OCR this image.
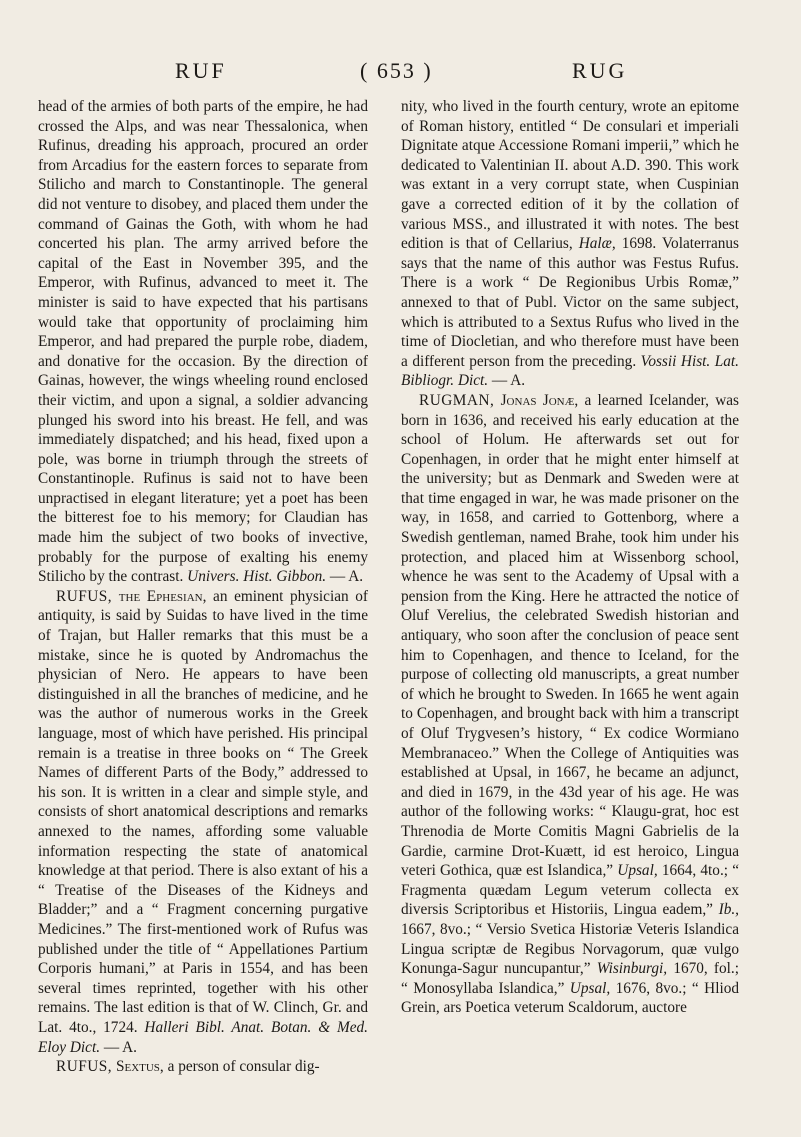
RUF	( 653 )	RUG

head of the armies of both parts of the empire, he had crossed the Alps, and was near Thessalonica, when Rufinus, dreading his approach, procured an order from Arcadius for the eastern forces to separate from Stilicho and march to Constantinople. The general did not venture to disobey, and placed them under the command of Gainas the Goth, with whom he had concerted his plan. The army arrived before the capital of the East in November 395, and the Emperor, with Rufinus, advanced to meet it. The minister is said to have expected that his partisans would take that opportunity of proclaiming him Emperor, and had prepared the purple robe, diadem, and donative for the occasion. By the direction of Gainas, however, the wings wheeling round enclosed their victim, and upon a signal, a soldier advancing plunged his sword into his breast. He fell, and was immediately dispatched; and his head, fixed upon a pole, was borne in triumph through the streets of Constantinople. Rufinus is said not to have been unpractised in elegant literature; yet a poet has been the bitterest foe to his memory; for Claudian has made him the subject of two books of invective, probably for the purpose of exalting his enemy Stilicho by the contrast. Univers. Hist. Gibbon. — A.

RUFUS, the Ephesian, an eminent physician of antiquity, is said by Suidas to have lived in the time of Trajan, but Haller remarks that this must be a mistake, since he is quoted by Andromachus the physician of Nero. He appears to have been distinguished in all the branches of medicine, and he was the author of numerous works in the Greek language, most of which have perished. His principal remain is a treatise in three books on “ The Greek Names of different Parts of the Body,” addressed to his son. It is written in a clear and simple style, and consists of short anatomical descriptions and remarks annexed to the names, affording some valuable information respecting the state of anatomical knowledge at that period. There is also extant of his a “ Treatise of the Diseases of the Kidneys and Bladder;” and a “ Fragment concerning purgative Medicines.” The first-mentioned work of Rufus was published under the title of “ Appellationes Partium Corporis humani,” at Paris in 1554, and has been several times reprinted, together with his other remains. The last edition is that of W. Clinch, Gr. and Lat. 4to., 1724. Halleri Bibl. Anat. Botan. & Med. Eloy Dict. — A.

RUFUS, Sextus, a person of consular dig-

nity, who lived in the fourth century, wrote an epitome of Roman history, entitled “ De consulari et imperiali Dignitate atque Accessione Romani imperii,” which he dedicated to Valentinian II. about A.D. 390. This work was extant in a very corrupt state, when Cuspinian gave a corrected edition of it by the collation of various MSS., and illustrated it with notes. The best edition is that of Cellarius, Halæ, 1698. Volaterranus says that the name of this author was Festus Rufus. There is a work “ De Regionibus Urbis Romæ,” annexed to that of Publ. Victor on the same subject, which is attributed to a Sextus Rufus who lived in the time of Diocletian, and who therefore must have been a different person from the preceding. Vossii Hist. Lat. Bibliogr. Dict. — A.

RUGMAN, Jonas Jonæ, a learned Icelander, was born in 1636, and received his early education at the school of Holum. He afterwards set out for Copenhagen, in order that he might enter himself at the university; but as Denmark and Sweden were at that time engaged in war, he was made prisoner on the way, in 1658, and carried to Gottenborg, where a Swedish gentleman, named Brahe, took him under his protection, and placed him at Wissenborg school, whence he was sent to the Academy of Upsal with a pension from the King. Here he attracted the notice of Oluf Verelius, the celebrated Swedish historian and antiquary, who soon after the conclusion of peace sent him to Copenhagen, and thence to Iceland, for the purpose of collecting old manuscripts, a great number of which he brought to Sweden. In 1665 he went again to Copenhagen, and brought back with him a transcript of Oluf Trygvesen’s history, “ Ex codice Wormiano Membranaceo.” When the College of Antiquities was established at Upsal, in 1667, he became an adjunct, and died in 1679, in the 43d year of his age. He was author of the following works: “ Klaugu-grat, hoc est Threnodia de Morte Comitis Magni Gabrielis de la Gardie, carmine Drot-Kuætt, id est heroico, Lingua veteri Gothica, quæ est Islandica,” Upsal, 1664, 4to.; “ Fragmenta quædam Legum veterum collecta ex diversis Scriptoribus et Historiis, Lingua eadem,” Ib., 1667, 8vo.; “ Versio Svetica Historiæ Veteris Islandica Lingua scriptæ de Regibus Norvagorum, quæ vulgo Konunga-Sagur nuncupantur,” Wisinburgi, 1670, fol.; “ Monosyllaba Islandica,” Upsal, 1676, 8vo.; “ Hliod Grein, ars Poetica veterum Scaldorum, auctore
